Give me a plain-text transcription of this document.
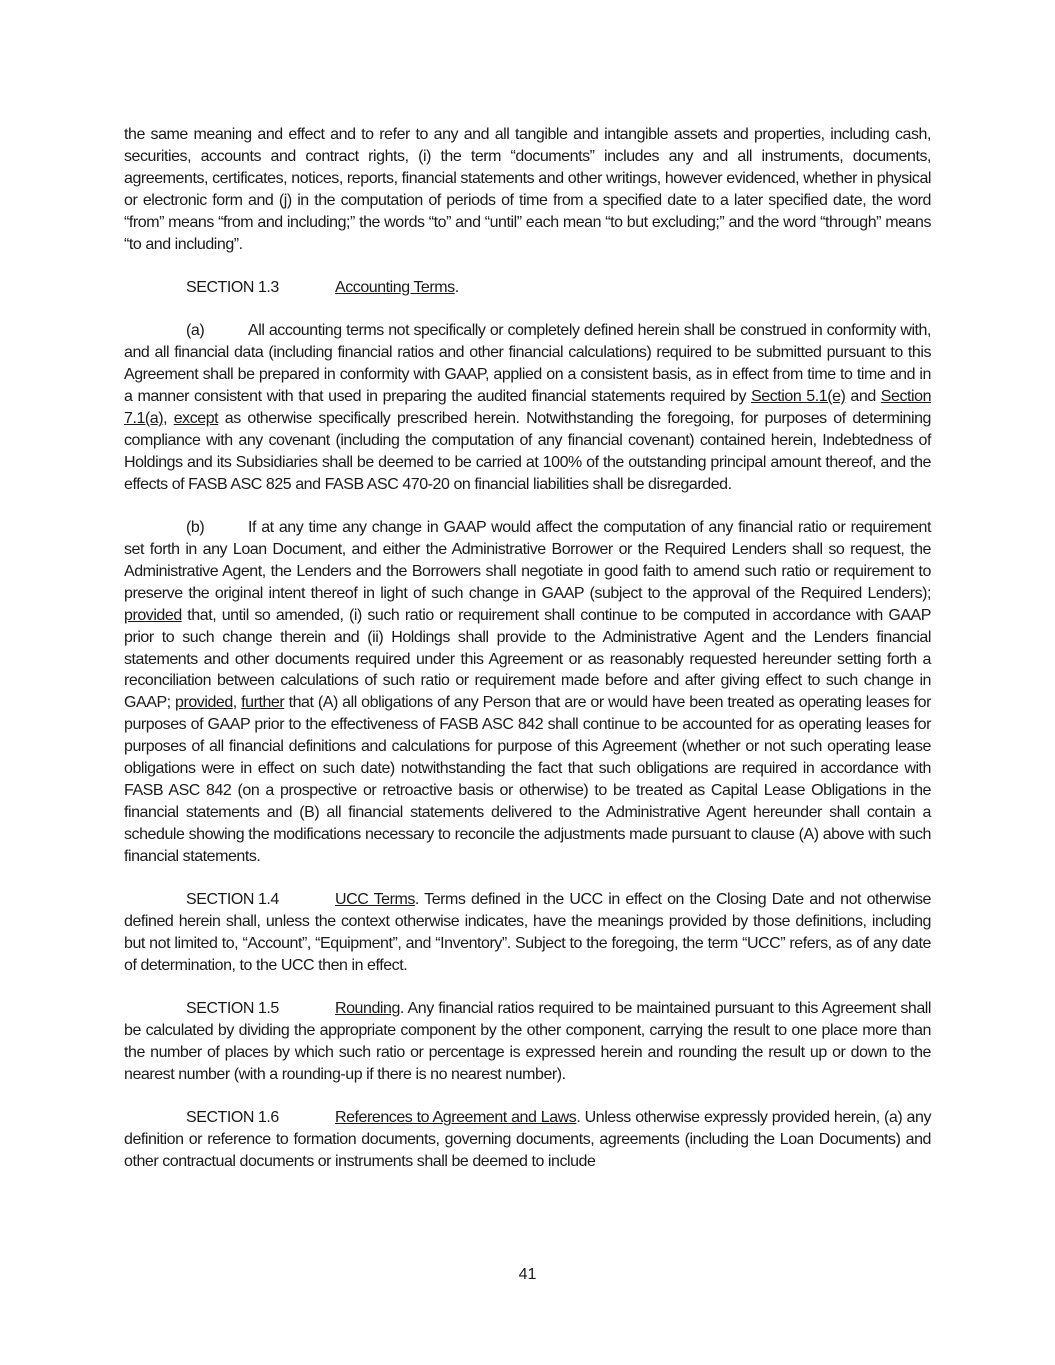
the same meaning and effect and to refer to any and all tangible and intangible assets and properties, including cash, securities, accounts and contract rights, (i) the term “documents” includes any and all instruments, documents, agreements, certificates, notices, reports, financial statements and other writings, however evidenced, whether in physical or electronic form and (j) in the computation of periods of time from a specified date to a later specified date, the word “from” means “from and including;” the words “to” and “until” each mean “to but excluding;” and the word “through” means “to and including”.

SECTION 1.3	Accounting Terms.

(a)	All accounting terms not specifically or completely defined herein shall be construed in conformity with, and all financial data (including financial ratios and other financial calculations) required to be submitted pursuant to this Agreement shall be prepared in conformity with GAAP, applied on a consistent basis, as in effect from time to time and in a manner consistent with that used in preparing the audited financial statements required by Section 5.1(e) and Section 7.1(a), except as otherwise specifically prescribed herein. Notwithstanding the foregoing, for purposes of determining compliance with any covenant (including the computation of any financial covenant) contained herein, Indebtedness of Holdings and its Subsidiaries shall be deemed to be carried at 100% of the outstanding principal amount thereof, and the effects of FASB ASC 825 and FASB ASC 470-20 on financial liabilities shall be disregarded.

(b)	If at any time any change in GAAP would affect the computation of any financial ratio or requirement set forth in any Loan Document, and either the Administrative Borrower or the Required Lenders shall so request, the Administrative Agent, the Lenders and the Borrowers shall negotiate in good faith to amend such ratio or requirement to preserve the original intent thereof in light of such change in GAAP (subject to the approval of the Required Lenders); provided that, until so amended, (i) such ratio or requirement shall continue to be computed in accordance with GAAP prior to such change therein and (ii) Holdings shall provide to the Administrative Agent and the Lenders financial statements and other documents required under this Agreement or as reasonably requested hereunder setting forth a reconciliation between calculations of such ratio or requirement made before and after giving effect to such change in GAAP; provided, further that (A) all obligations of any Person that are or would have been treated as operating leases for purposes of GAAP prior to the effectiveness of FASB ASC 842 shall continue to be accounted for as operating leases for purposes of all financial definitions and calculations for purpose of this Agreement (whether or not such operating lease obligations were in effect on such date) notwithstanding the fact that such obligations are required in accordance with FASB ASC 842 (on a prospective or retroactive basis or otherwise) to be treated as Capital Lease Obligations in the financial statements and (B) all financial statements delivered to the Administrative Agent hereunder shall contain a schedule showing the modifications necessary to reconcile the adjustments made pursuant to clause (A) above with such financial statements.

SECTION 1.4	UCC Terms. Terms defined in the UCC in effect on the Closing Date and not otherwise defined herein shall, unless the context otherwise indicates, have the meanings provided by those definitions, including but not limited to, “Account”, “Equipment”, and “Inventory”. Subject to the foregoing, the term “UCC” refers, as of any date of determination, to the UCC then in effect.

SECTION 1.5	Rounding. Any financial ratios required to be maintained pursuant to this Agreement shall be calculated by dividing the appropriate component by the other component, carrying the result to one place more than the number of places by which such ratio or percentage is expressed herein and rounding the result up or down to the nearest number (with a rounding-up if there is no nearest number).

SECTION 1.6	References to Agreement and Laws. Unless otherwise expressly provided herein, (a) any definition or reference to formation documents, governing documents, agreements (including the Loan Documents) and other contractual documents or instruments shall be deemed to include

41
